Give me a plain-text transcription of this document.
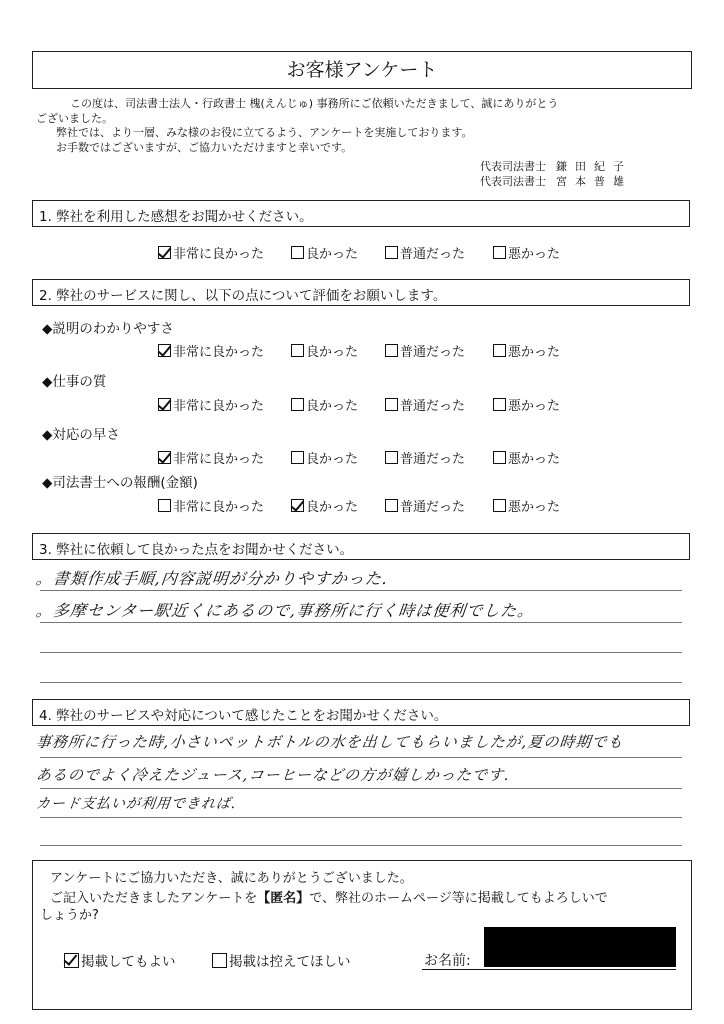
お客様アンケート

この度は、司法書士法人・行政書士 槐(えんじゅ) 事務所にご依頼いただきまして、誠にありがとう

ございました。

弊社では、より一層、みな様のお役に立てるよう、アンケートを実施しております。

お手数ではございますが、ご協力いただけますと幸いです。

代表司法書士 鎌田紀子
代表司法書士 宮本普雄
1. 弊社を利用した感想をお聞かせください。
非常に良かった	良かった	普通だった	悪かった
2. 弊社のサービスに関し、以下の点について評価をお願いします。
◆説明のわかりやすさ
非常に良かった	良かった	普通だった	悪かった
◆仕事の質
非常に良かった	良かった	普通だった	悪かった
◆対応の早さ
非常に良かった	良かった	普通だった	悪かった
◆司法書士への報酬(金額)
非常に良かった	良かった	普通だった	悪かった
3. 弊社に依頼して良かった点をお聞かせください。
。書類作成手順,内容説明が分かりやすかった.
。多摩センター駅近くにあるので,事務所に行く時は便利でした。
4. 弊社のサービスや対応について感じたことをお聞かせください。
事務所に行った時,小さいペットボトルの水を出してもらいましたが,夏の時期でも
あるのでよく冷えたジュース,コーヒーなどの方が嬉しかったです.
カード支払いが利用できれば.
アンケートにご協力いただき、誠にありがとうございました。
ご記入いただきましたアンケートを【匿名】で、弊社のホームページ等に掲載してもよろしいで
しょうか?
掲載してもよい	掲載は控えてほしい	お名前:
